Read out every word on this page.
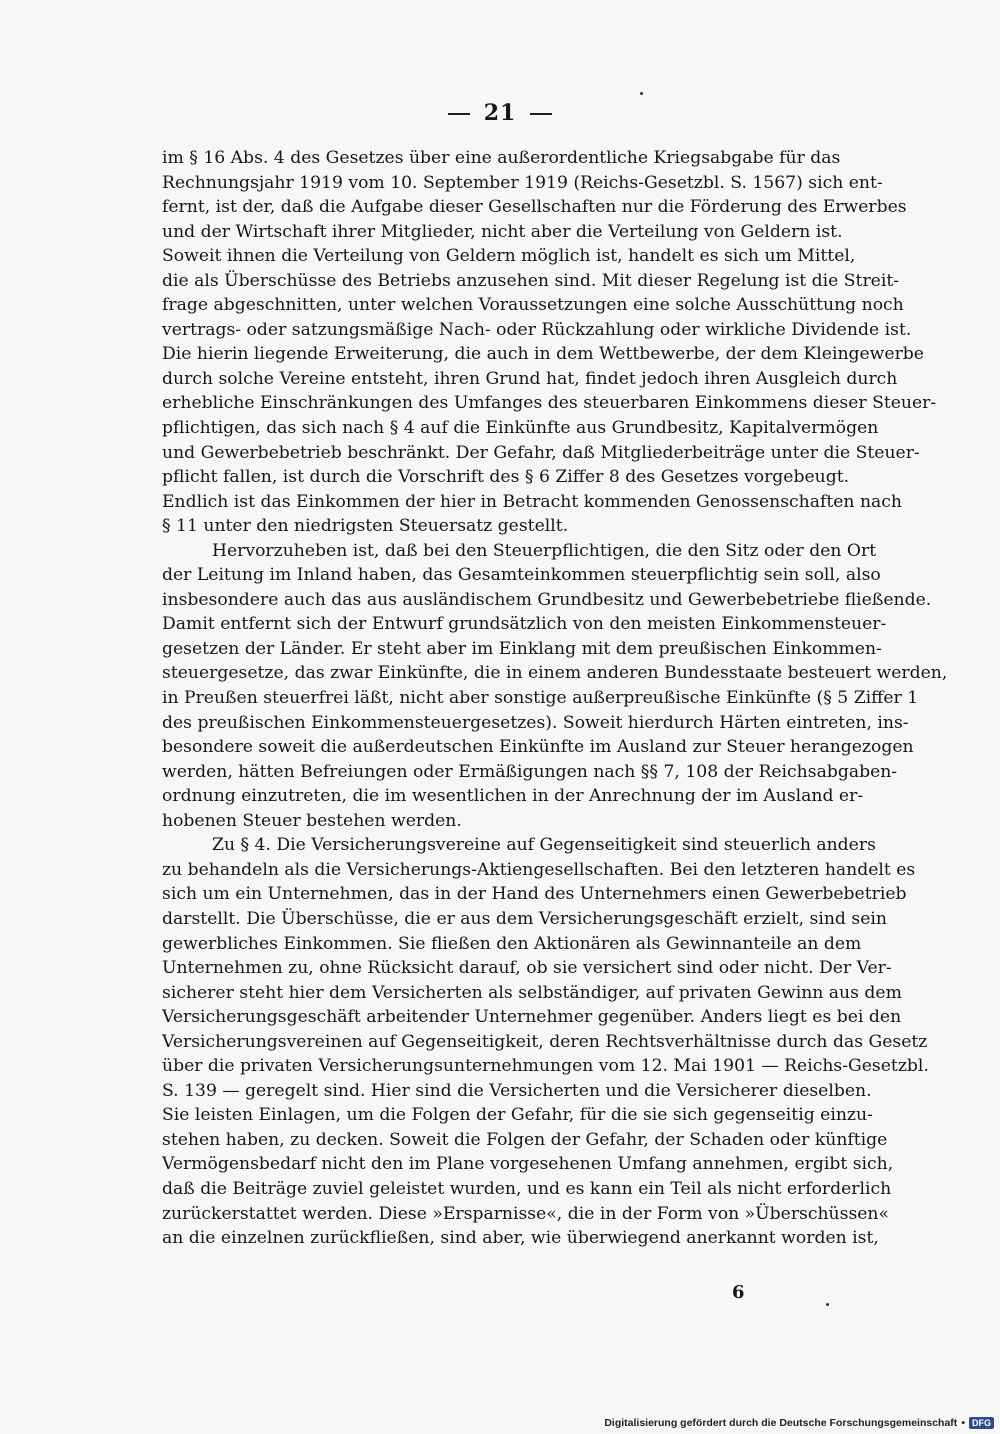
21
im § 16 Abs. 4 des Gesetzes über eine außerordentliche Kriegsabgabe für das
Rechnungsjahr 1919 vom 10. September 1919 (Reichs-Gesetzbl. S. 1567) sich ent-
fernt, ist der, daß die Aufgabe dieser Gesellschaften nur die Förderung des Erwerbes
und der Wirtschaft ihrer Mitglieder, nicht aber die Verteilung von Geldern ist.
Soweit ihnen die Verteilung von Geldern möglich ist, handelt es sich um Mittel,
die als Überschüsse des Betriebs anzusehen sind. Mit dieser Regelung ist die Streit-
frage abgeschnitten, unter welchen Voraussetzungen eine solche Ausschüttung noch
vertrags- oder satzungsmäßige Nach- oder Rückzahlung oder wirkliche Dividende ist.
Die hierin liegende Erweiterung, die auch in dem Wettbewerbe, der dem Kleingewerbe
durch solche Vereine entsteht, ihren Grund hat, findet jedoch ihren Ausgleich durch
erhebliche Einschränkungen des Umfanges des steuerbaren Einkommens dieser Steuer-
pflichtigen, das sich nach § 4 auf die Einkünfte aus Grundbesitz, Kapitalvermögen
und Gewerbebetrieb beschränkt. Der Gefahr, daß Mitgliederbeiträge unter die Steuer-
pflicht fallen, ist durch die Vorschrift des § 6 Ziffer 8 des Gesetzes vorgebeugt.
Endlich ist das Einkommen der hier in Betracht kommenden Genossenschaften nach
§ 11 unter den niedrigsten Steuersatz gestellt.
Hervorzuheben ist, daß bei den Steuerpflichtigen, die den Sitz oder den Ort
der Leitung im Inland haben, das Gesamteinkommen steuerpflichtig sein soll, also
insbesondere auch das aus ausländischem Grundbesitz und Gewerbebetriebe fließende.
Damit entfernt sich der Entwurf grundsätzlich von den meisten Einkommensteuer-
gesetzen der Länder. Er steht aber im Einklang mit dem preußischen Einkommen-
steuergesetze, das zwar Einkünfte, die in einem anderen Bundesstaate besteuert werden,
in Preußen steuerfrei läßt, nicht aber sonstige außerpreußische Einkünfte (§ 5 Ziffer 1
des preußischen Einkommensteuergesetzes). Soweit hierdurch Härten eintreten, ins-
besondere soweit die außerdeutschen Einkünfte im Ausland zur Steuer herangezogen
werden, hätten Befreiungen oder Ermäßigungen nach §§ 7, 108 der Reichsabgaben-
ordnung einzutreten, die im wesentlichen in der Anrechnung der im Ausland er-
hobenen Steuer bestehen werden.
Zu § 4. Die Versicherungsvereine auf Gegenseitigkeit sind steuerlich anders
zu behandeln als die Versicherungs-Aktiengesellschaften. Bei den letzteren handelt es
sich um ein Unternehmen, das in der Hand des Unternehmers einen Gewerbebetrieb
darstellt. Die Überschüsse, die er aus dem Versicherungsgeschäft erzielt, sind sein
gewerbliches Einkommen. Sie fließen den Aktionären als Gewinnanteile an dem
Unternehmen zu, ohne Rücksicht darauf, ob sie versichert sind oder nicht. Der Ver-
sicherer steht hier dem Versicherten als selbständiger, auf privaten Gewinn aus dem
Versicherungsgeschäft arbeitender Unternehmer gegenüber. Anders liegt es bei den
Versicherungsvereinen auf Gegenseitigkeit, deren Rechtsverhältnisse durch das Gesetz
über die privaten Versicherungsunternehmungen vom 12. Mai 1901 — Reichs-Gesetzbl.
S. 139 — geregelt sind. Hier sind die Versicherten und die Versicherer dieselben.
Sie leisten Einlagen, um die Folgen der Gefahr, für die sie sich gegenseitig einzu-
stehen haben, zu decken. Soweit die Folgen der Gefahr, der Schaden oder künftige
Vermögensbedarf nicht den im Plane vorgesehenen Umfang annehmen, ergibt sich,
daß die Beiträge zuviel geleistet wurden, und es kann ein Teil als nicht erforderlich
zurückerstattet werden. Diese »Ersparnisse«, die in der Form von »Überschüssen«
an die einzelnen zurückfließen, sind aber, wie überwiegend anerkannt worden ist,
6
Digitalisierung gefördert durch die Deutsche Forschungsgemeinschaft • DFG
